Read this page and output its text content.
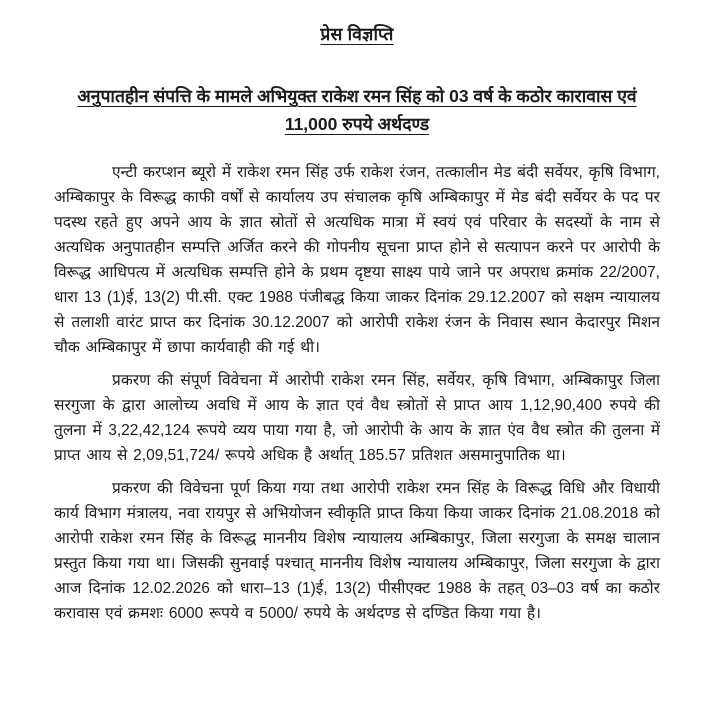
प्रेस विज्ञप्ति
अनुपातहीन संपत्ति के मामले अभियुक्त राकेश रमन सिंह को 03 वर्ष के कठोर कारावास एवं 11,000 रुपये अर्थदण्ड

एन्टी करप्शन ब्यूरो में राकेश रमन सिंह उर्फ राकेश रंजन, तत्कालीन मेड बंदी सर्वेयर, कृषि विभाग, अम्बिकापुर के विरूद्ध काफी वर्षों से कार्यालय उप संचालक कृषि अम्बिकापुर में मेड बंदी सर्वेयर के पद पर पदस्थ रहते हुए अपने आय के ज्ञात स्रोतों से अत्यधिक मात्रा में स्वयं एवं परिवार के सदस्यों के नाम से अत्यधिक अनुपातहीन सम्पत्ति अर्जित करने की गोपनीय सूचना प्राप्त होने से सत्यापन करने पर आरोपी के विरूद्ध आधिपत्य में अत्यधिक सम्पत्ति होने के प्रथम दृष्टया साक्ष्य पाये जाने पर अपराध क्रमांक 22/2007, धारा 13 (1)ई, 13(2) पी.सी. एक्ट 1988 पंजीबद्ध किया जाकर दिनांक 29.12.2007 को सक्षम न्यायालय से तलाशी वारंट प्राप्त कर दिनांक 30.12.2007 को आरोपी राकेश रंजन के निवास स्थान केदारपुर मिशन चौक अम्बिकापुर में छापा कार्यवाही की गई थी।

प्रकरण की संपूर्ण विवेचना में आरोपी राकेश रमन सिंह, सर्वेयर, कृषि विभाग, अम्बिकापुर जिला सरगुजा के द्वारा आलोच्य अवधि में आय के ज्ञात एवं वैध स्त्रोतों से प्राप्त आय 1,12,90,400 रुपये की तुलना में 3,22,42,124 रूपये व्यय पाया गया है, जो आरोपी के आय के ज्ञात एंव वैध स्त्रोत की तुलना में प्राप्त आय से 2,09,51,724/ रूपये अधिक है अर्थात् 185.57 प्रतिशत असमानुपातिक था।

प्रकरण की विवेचना पूर्ण किया गया तथा आरोपी राकेश रमन सिंह के विरूद्ध विधि और विधायी कार्य विभाग मंत्रालय, नवा रायपुर से अभियोजन स्वीकृति प्राप्त किया किया जाकर दिनांक 21.08.2018 को आरोपी राकेश रमन सिंह के विरूद्ध माननीय विशेष न्यायालय अम्बिकापुर, जिला सरगुजा के समक्ष चालान प्रस्तुत किया गया था। जिसकी सुनवाई पश्चात् माननीय विशेष न्यायालय अम्बिकापुर, जिला सरगुजा के द्वारा आज दिनांक 12.02.2026 को धारा–13 (1)ई, 13(2) पीसीएक्ट 1988 के तहत् 03–03 वर्ष का कठोर करावास एवं क्रमशः 6000 रूपये व 5000/ रुपये के अर्थदण्ड से दण्डित किया गया है।
